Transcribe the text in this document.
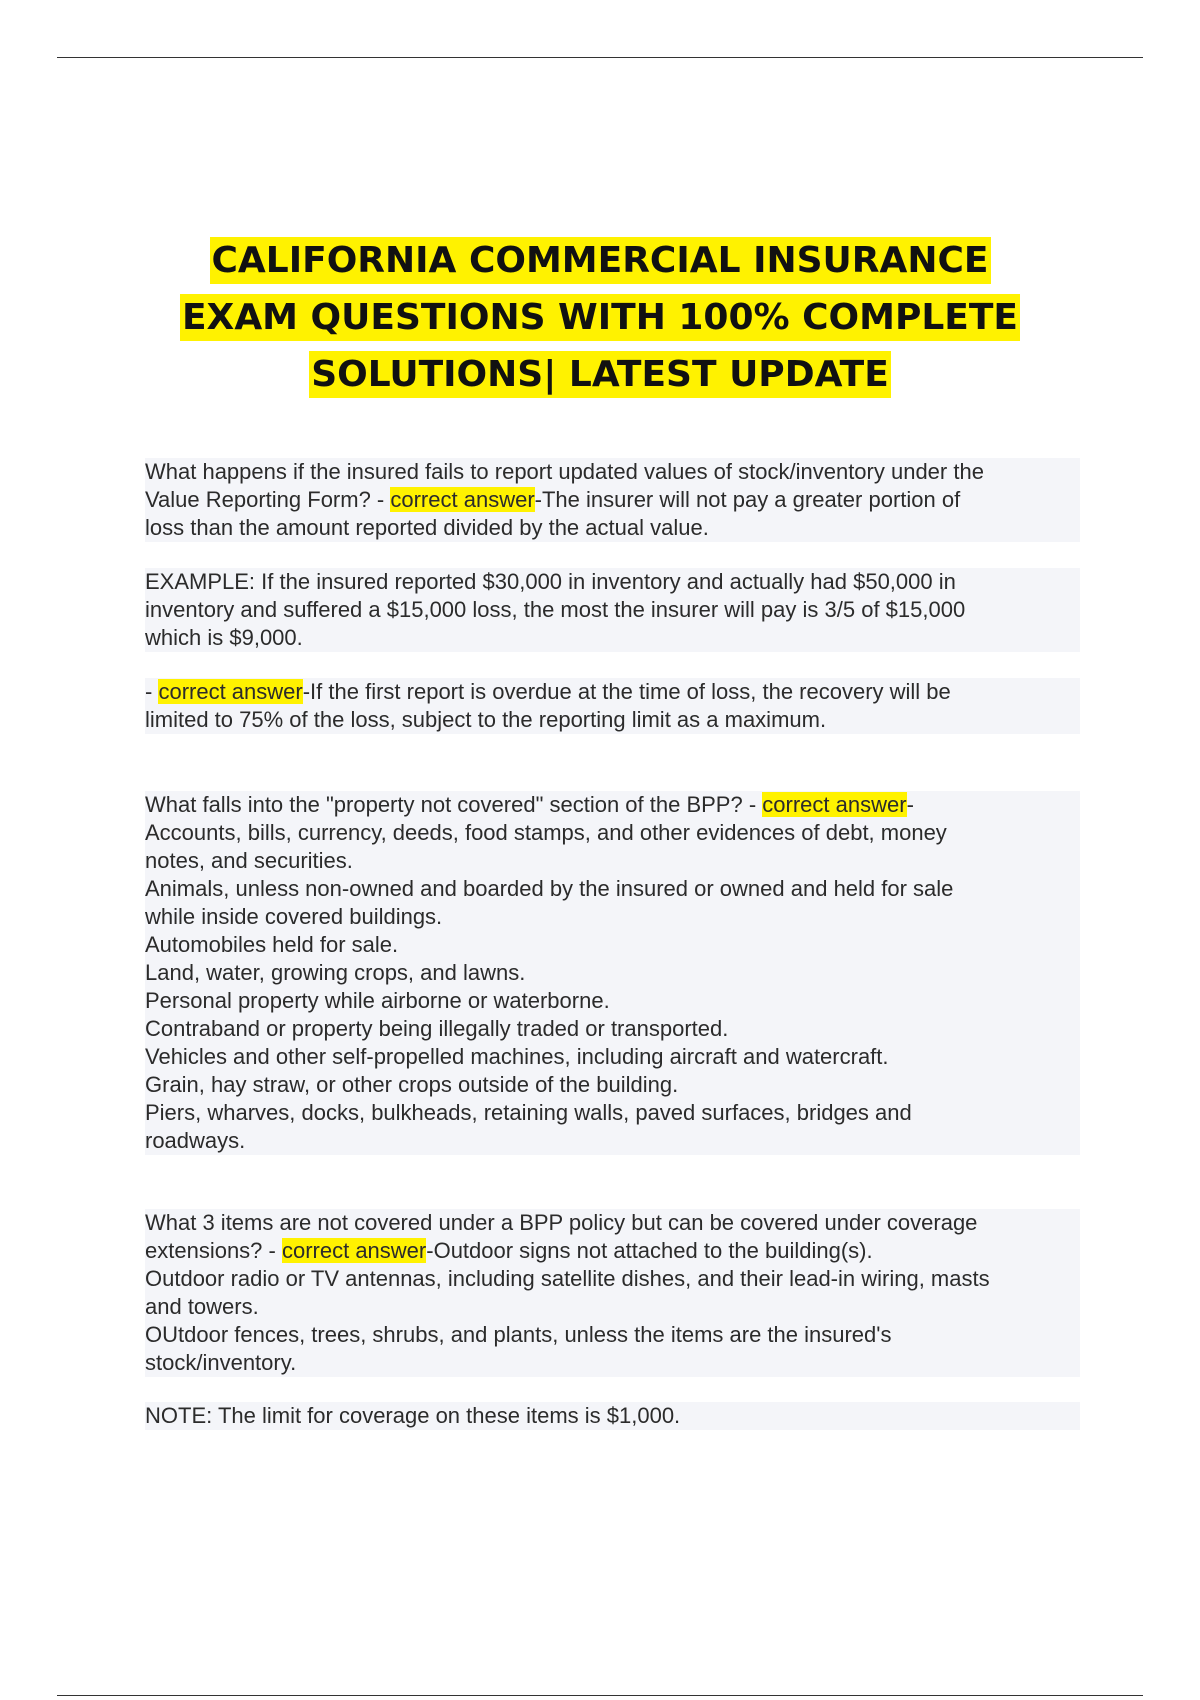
CALIFORNIA COMMERCIAL INSURANCE
EXAM QUESTIONS WITH 100% COMPLETE
SOLUTIONS| LATEST UPDATE
What happens if the insured fails to report updated values of stock/inventory under the
Value Reporting Form? - correct answer-The insurer will not pay a greater portion of
loss than the amount reported divided by the actual value.
EXAMPLE: If the insured reported $30,000 in inventory and actually had $50,000 in
inventory and suffered a $15,000 loss, the most the insurer will pay is 3/5 of $15,000
which is $9,000.
- correct answer-If the first report is overdue at the time of loss, the recovery will be
limited to 75% of the loss, subject to the reporting limit as a maximum.
What falls into the "property not covered" section of the BPP? - correct answer-
Accounts, bills, currency, deeds, food stamps, and other evidences of debt, money
notes, and securities.
Animals, unless non-owned and boarded by the insured or owned and held for sale
while inside covered buildings.
Automobiles held for sale.
Land, water, growing crops, and lawns.
Personal property while airborne or waterborne.
Contraband or property being illegally traded or transported.
Vehicles and other self-propelled machines, including aircraft and watercraft.
Grain, hay straw, or other crops outside of the building.
Piers, wharves, docks, bulkheads, retaining walls, paved surfaces, bridges and
roadways.
What 3 items are not covered under a BPP policy but can be covered under coverage
extensions? - correct answer-Outdoor signs not attached to the building(s).
Outdoor radio or TV antennas, including satellite dishes, and their lead-in wiring, masts
and towers.
OUtdoor fences, trees, shrubs, and plants, unless the items are the insured's
stock/inventory.
NOTE: The limit for coverage on these items is $1,000.
